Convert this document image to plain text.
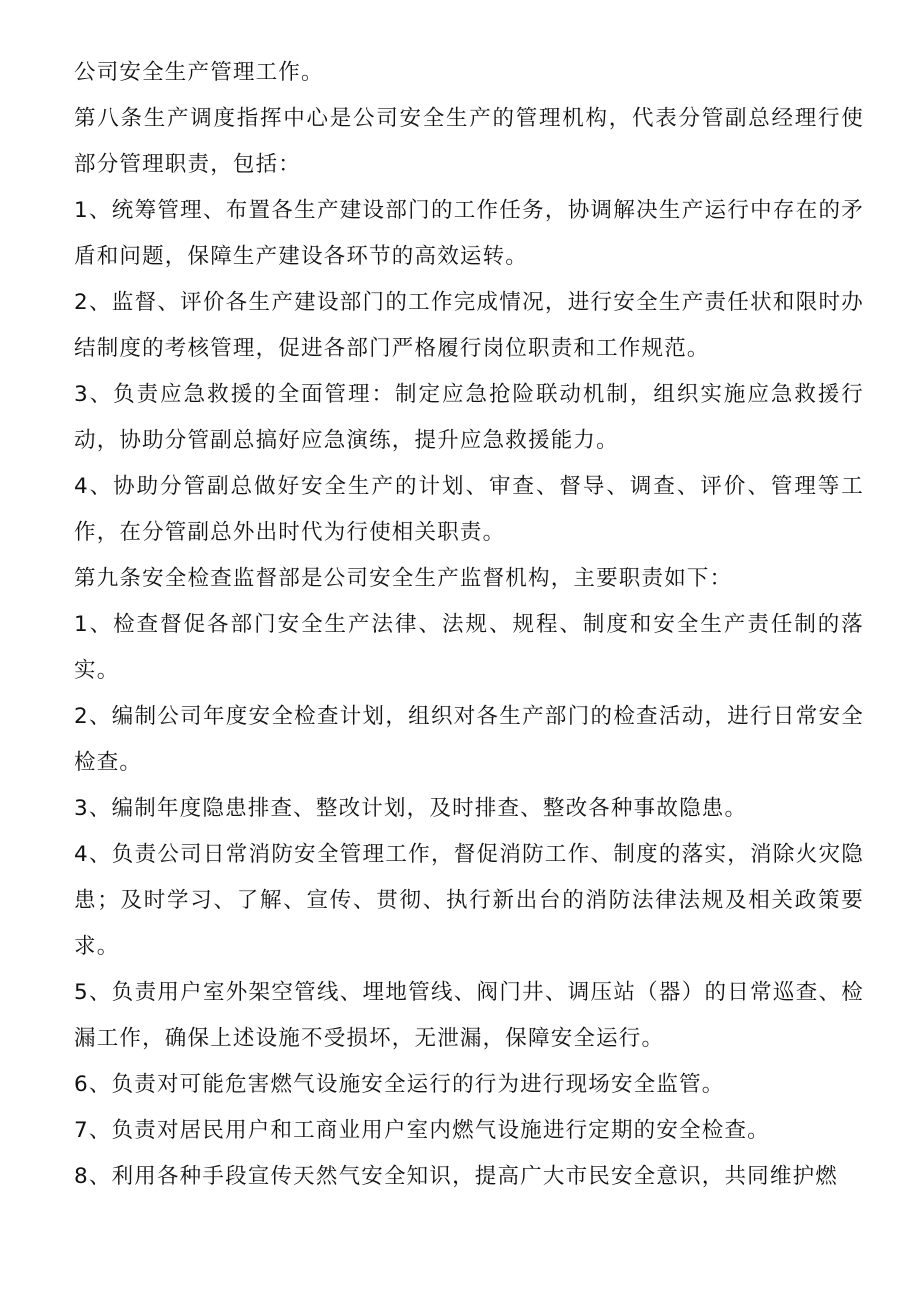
公司安全生产管理工作。

第八条生产调度指挥中心是公司安全生产的管理机构，代表分管副总经理行使部分管理职责，包括：

1、统筹管理、布置各生产建设部门的工作任务，协调解决生产运行中存在的矛盾和问题，保障生产建设各环节的高效运转。

2、监督、评价各生产建设部门的工作完成情况，进行安全生产责任状和限时办结制度的考核管理，促进各部门严格履行岗位职责和工作规范。

3、负责应急救援的全面管理：制定应急抢险联动机制，组织实施应急救援行动，协助分管副总搞好应急演练，提升应急救援能力。

4、协助分管副总做好安全生产的计划、审查、督导、调查、评价、管理等工作，在分管副总外出时代为行使相关职责。

第九条安全检查监督部是公司安全生产监督机构，主要职责如下：

1、检查督促各部门安全生产法律、法规、规程、制度和安全生产责任制的落实。

2、编制公司年度安全检查计划，组织对各生产部门的检查活动，进行日常安全检查。

3、编制年度隐患排查、整改计划，及时排查、整改各种事故隐患。

4、负责公司日常消防安全管理工作，督促消防工作、制度的落实，消除火灾隐患；及时学习、了解、宣传、贯彻、执行新出台的消防法律法规及相关政策要求。

5、负责用户室外架空管线、埋地管线、阀门井、调压站（器）的日常巡查、检漏工作，确保上述设施不受损坏，无泄漏，保障安全运行。

6、负责对可能危害燃气设施安全运行的行为进行现场安全监管。

7、负责对居民用户和工商业用户室内燃气设施进行定期的安全检查。

8、利用各种手段宣传天然气安全知识，提高广大市民安全意识，共同维护燃
